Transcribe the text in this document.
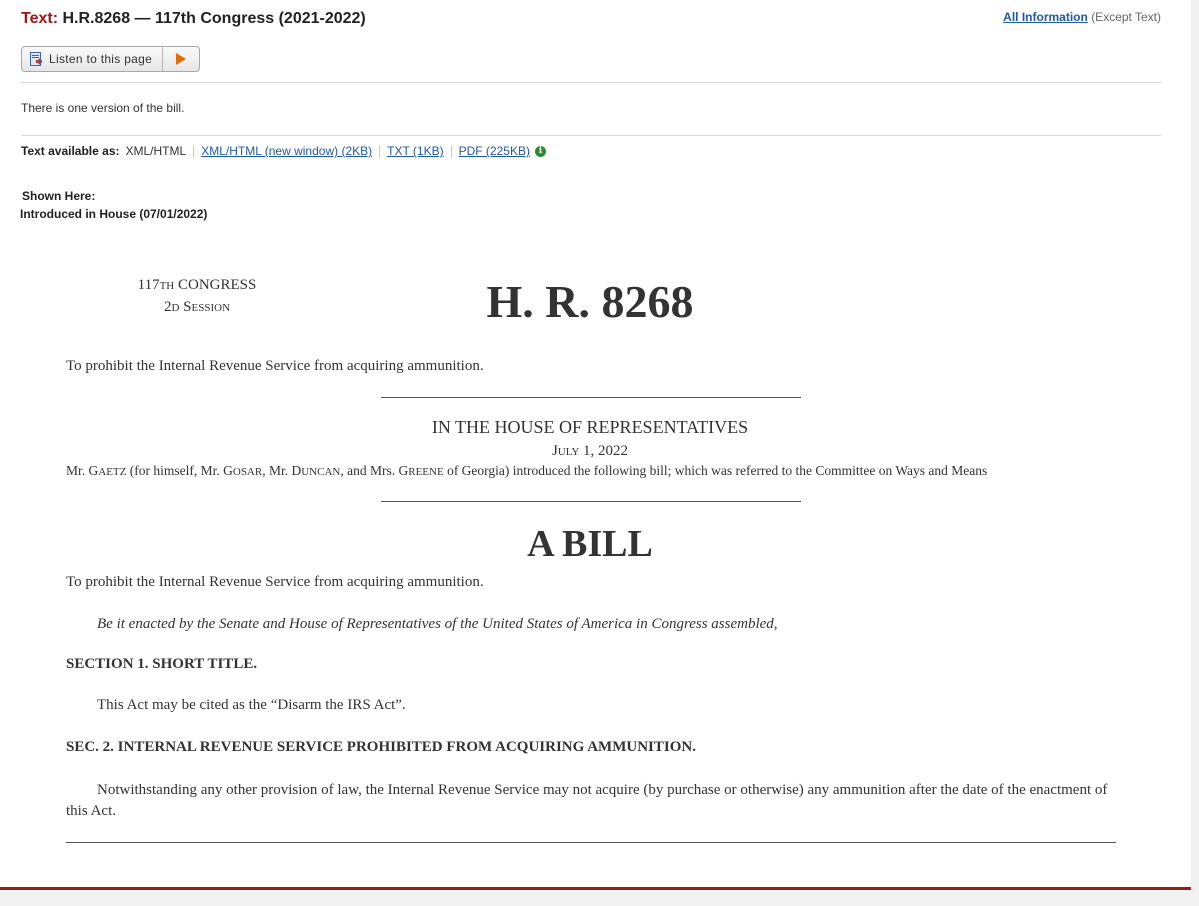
Text: H.R.8268 — 117th Congress (2021-2022)	All Information (Except Text)
Listen to this page
There is one version of the bill.
Text available as: XML/HTML XML/HTML (new window) (2KB) TXT (1KB) PDF (225KB) i
Shown Here:
Introduced in House (07/01/2022)
117TH CONGRESS
2D SESSION	H. R. 8268
To prohibit the Internal Revenue Service from acquiring ammunition.
IN THE HOUSE OF REPRESENTATIVES
JULY 1, 2022
Mr. GAETZ (for himself, Mr. GOSAR, Mr. DUNCAN, and Mrs. GREENE of Georgia) introduced the following bill; which was referred to the Committee on Ways and Means
A BILL
To prohibit the Internal Revenue Service from acquiring ammunition.
Be it enacted by the Senate and House of Representatives of the United States of America in Congress assembled,
SECTION 1. SHORT TITLE.
This Act may be cited as the “Disarm the IRS Act”.
SEC. 2. INTERNAL REVENUE SERVICE PROHIBITED FROM ACQUIRING AMMUNITION.
Notwithstanding any other provision of law, the Internal Revenue Service may not acquire (by purchase or otherwise) any ammunition after the date of the enactment of this Act.
